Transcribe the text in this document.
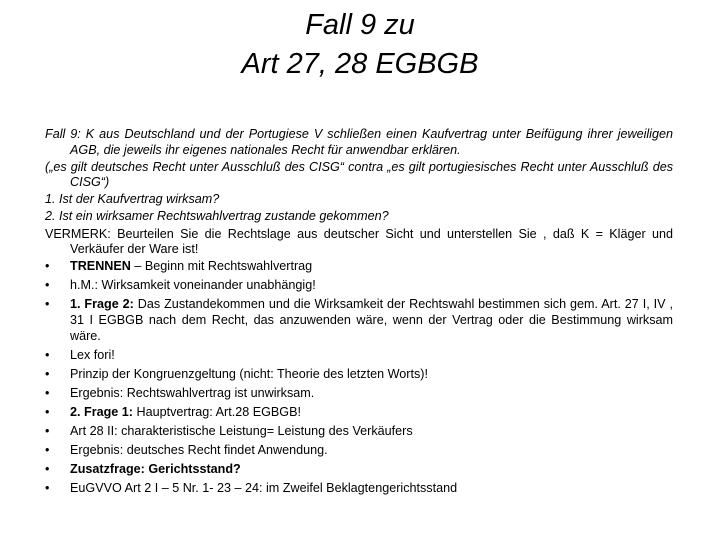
Fall 9 zu
Art 27, 28 EGBGB

Fall 9: K aus Deutschland und der Portugiese V schließen einen Kaufvertrag unter Beifügung ihrer jeweiligen AGB, die jeweils ihr eigenes nationales Recht für anwendbar erklären.

(„es gilt deutsches Recht unter Ausschluß des CISG“ contra „es gilt portugiesisches Recht unter Ausschluß des CISG“)

1. Ist der Kaufvertrag wirksam?

2. Ist ein wirksamer Rechtswahlvertrag zustande gekommen?

VERMERK: Beurteilen Sie die Rechtslage aus deutscher Sicht und unterstellen Sie , daß K = Kläger und Verkäufer der Ware ist!

•	TRENNEN – Beginn mit Rechtswahlvertrag
•	h.M.: Wirksamkeit voneinander unabhängig!
•	1. Frage 2: Das Zustandekommen und die Wirksamkeit der Rechtswahl bestimmen sich gem. Art. 27 I, IV , 31 I EGBGB nach dem Recht, das anzuwenden wäre, wenn der Vertrag oder die Bestimmung wirksam wäre.
•	Lex fori!
•	Prinzip der Kongruenzgeltung (nicht: Theorie des letzten Worts)!
•	Ergebnis: Rechtswahlvertrag ist unwirksam.
•	2. Frage 1: Hauptvertrag: Art.28 EGBGB!
•	Art 28 II: charakteristische Leistung= Leistung des Verkäufers
•	Ergebnis: deutsches Recht findet Anwendung.
•	Zusatzfrage: Gerichtsstand?
•	EuGVVO Art 2 I – 5 Nr. 1- 23 – 24: im Zweifel Beklagtengerichtsstand
